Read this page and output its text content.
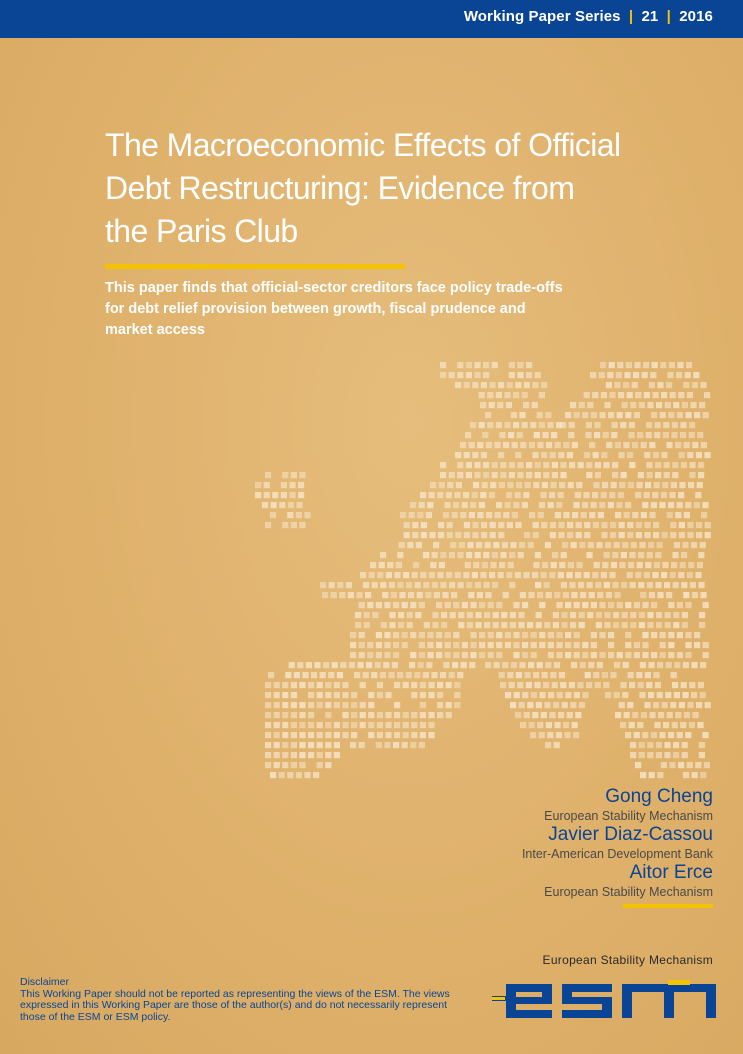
Working Paper Series | 21 | 2016
The Macroeconomic Effects of Official
Debt Restructuring: Evidence from
the Paris Club
This paper finds that official-sector creditors face policy trade-offs for debt relief provision between growth, fiscal prudence and market access
Gong Cheng
European Stability Mechanism
Javier Diaz-Cassou
Inter-American Development Bank
Aitor Erce
European Stability Mechanism
Disclaimer
This Working Paper should not be reported as representing the views of the ESM. The views expressed in this Working Paper are those of the author(s) and do not necessarily represent those of the ESM or ESM policy.
European Stability Mechanism
